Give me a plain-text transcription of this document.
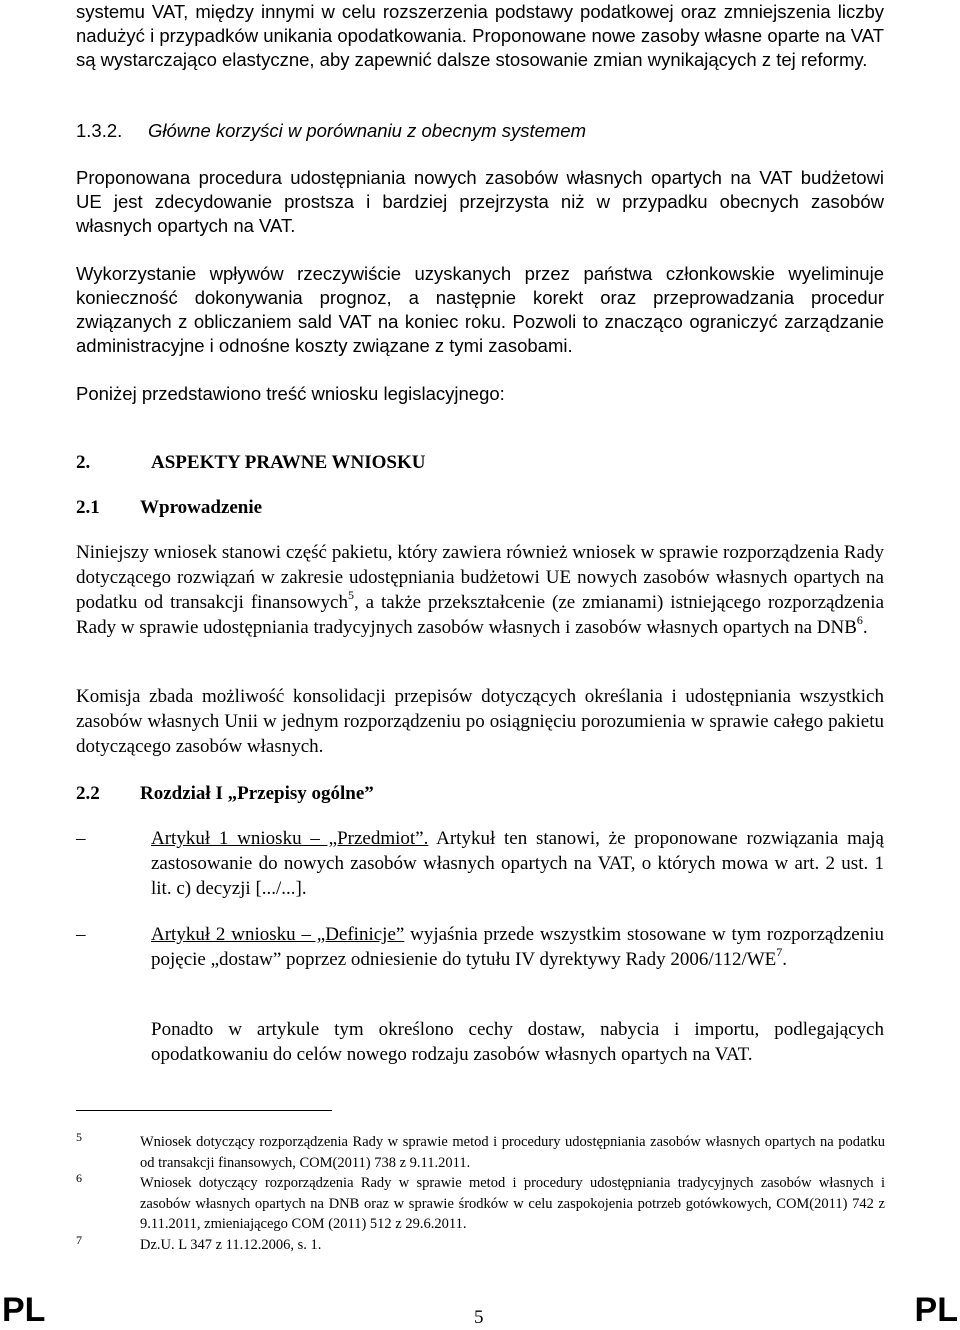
systemu VAT, między innymi w celu rozszerzenia podstawy podatkowej oraz zmniejszenia liczby nadużyć i przypadków unikania opodatkowania. Proponowane nowe zasoby własne oparte na VAT są wystarczająco elastyczne, aby zapewnić dalsze stosowanie zmian wynikających z tej reformy.

1.3.2. Główne korzyści w porównaniu z obecnym systemem

Proponowana procedura udostępniania nowych zasobów własnych opartych na VAT budżetowi UE jest zdecydowanie prostsza i bardziej przejrzysta niż w przypadku obecnych zasobów własnych opartych na VAT.

Wykorzystanie wpływów rzeczywiście uzyskanych przez państwa członkowskie wyeliminuje konieczność dokonywania prognoz, a następnie korekt oraz przeprowadzania procedur związanych z obliczaniem sald VAT na koniec roku. Pozwoli to znacząco ograniczyć zarządzanie administracyjne i odnośne koszty związane z tymi zasobami.

Poniżej przedstawiono treść wniosku legislacyjnego:

2.	ASPEKTY PRAWNE WNIOSKU

2.1 Wprowadzenie

Niniejszy wniosek stanowi część pakietu, który zawiera również wniosek w sprawie rozporządzenia Rady dotyczącego rozwiązań w zakresie udostępniania budżetowi UE nowych zasobów własnych opartych na podatku od transakcji finansowych$^5$, a także przekształcenie (ze zmianami) istniejącego rozporządzenia Rady w sprawie udostępniania tradycyjnych zasobów własnych i zasobów własnych opartych na DNB$^6$.

Komisja zbada możliwość konsolidacji przepisów dotyczących określania i udostępniania wszystkich zasobów własnych Unii w jednym rozporządzeniu po osiągnięciu porozumienia w sprawie całego pakietu dotyczącego zasobów własnych.

2.2 Rozdział I „Przepisy ogólne”

–	Artykuł 1 wniosku – „Przedmiot”. Artykuł ten stanowi, że proponowane rozwiązania mają zastosowanie do nowych zasobów własnych opartych na VAT, o których mowa w art. 2 ust. 1 lit. c) decyzji [.../...].

–	Artykuł 2 wniosku – „Definicje” wyjaśnia przede wszystkim stosowane w tym rozporządzeniu pojęcie „dostaw” poprzez odniesienie do tytułu IV dyrektywy Rady $2006/112/WE^7$.

Ponadto w artykule tym określono cechy dostaw, nabycia i importu, podlegających opodatkowaniu do celów nowego rodzaju zasobów własnych opartych na VAT.

5	Wniosek dotyczący rozporządzenia Rady w sprawie metod i procedury udostępniania zasobów własnych opartych na podatku od transakcji finansowych, COM(2011) 738 z 9.11.2011.

6	Wniosek dotyczący rozporządzenia Rady w sprawie metod i procedury udostępniania tradycyjnych zasobów własnych i zasobów własnych opartych na DNB oraz w sprawie środków w celu zaspokojenia potrzeb gotówkowych, COM(2011) 742 z 9.11.2011, zmieniającego COM (2011) 512 z 29.6.2011.

7	Dz.U. L 347 z 11.12.2006, s. 1.

PL	5	PL
